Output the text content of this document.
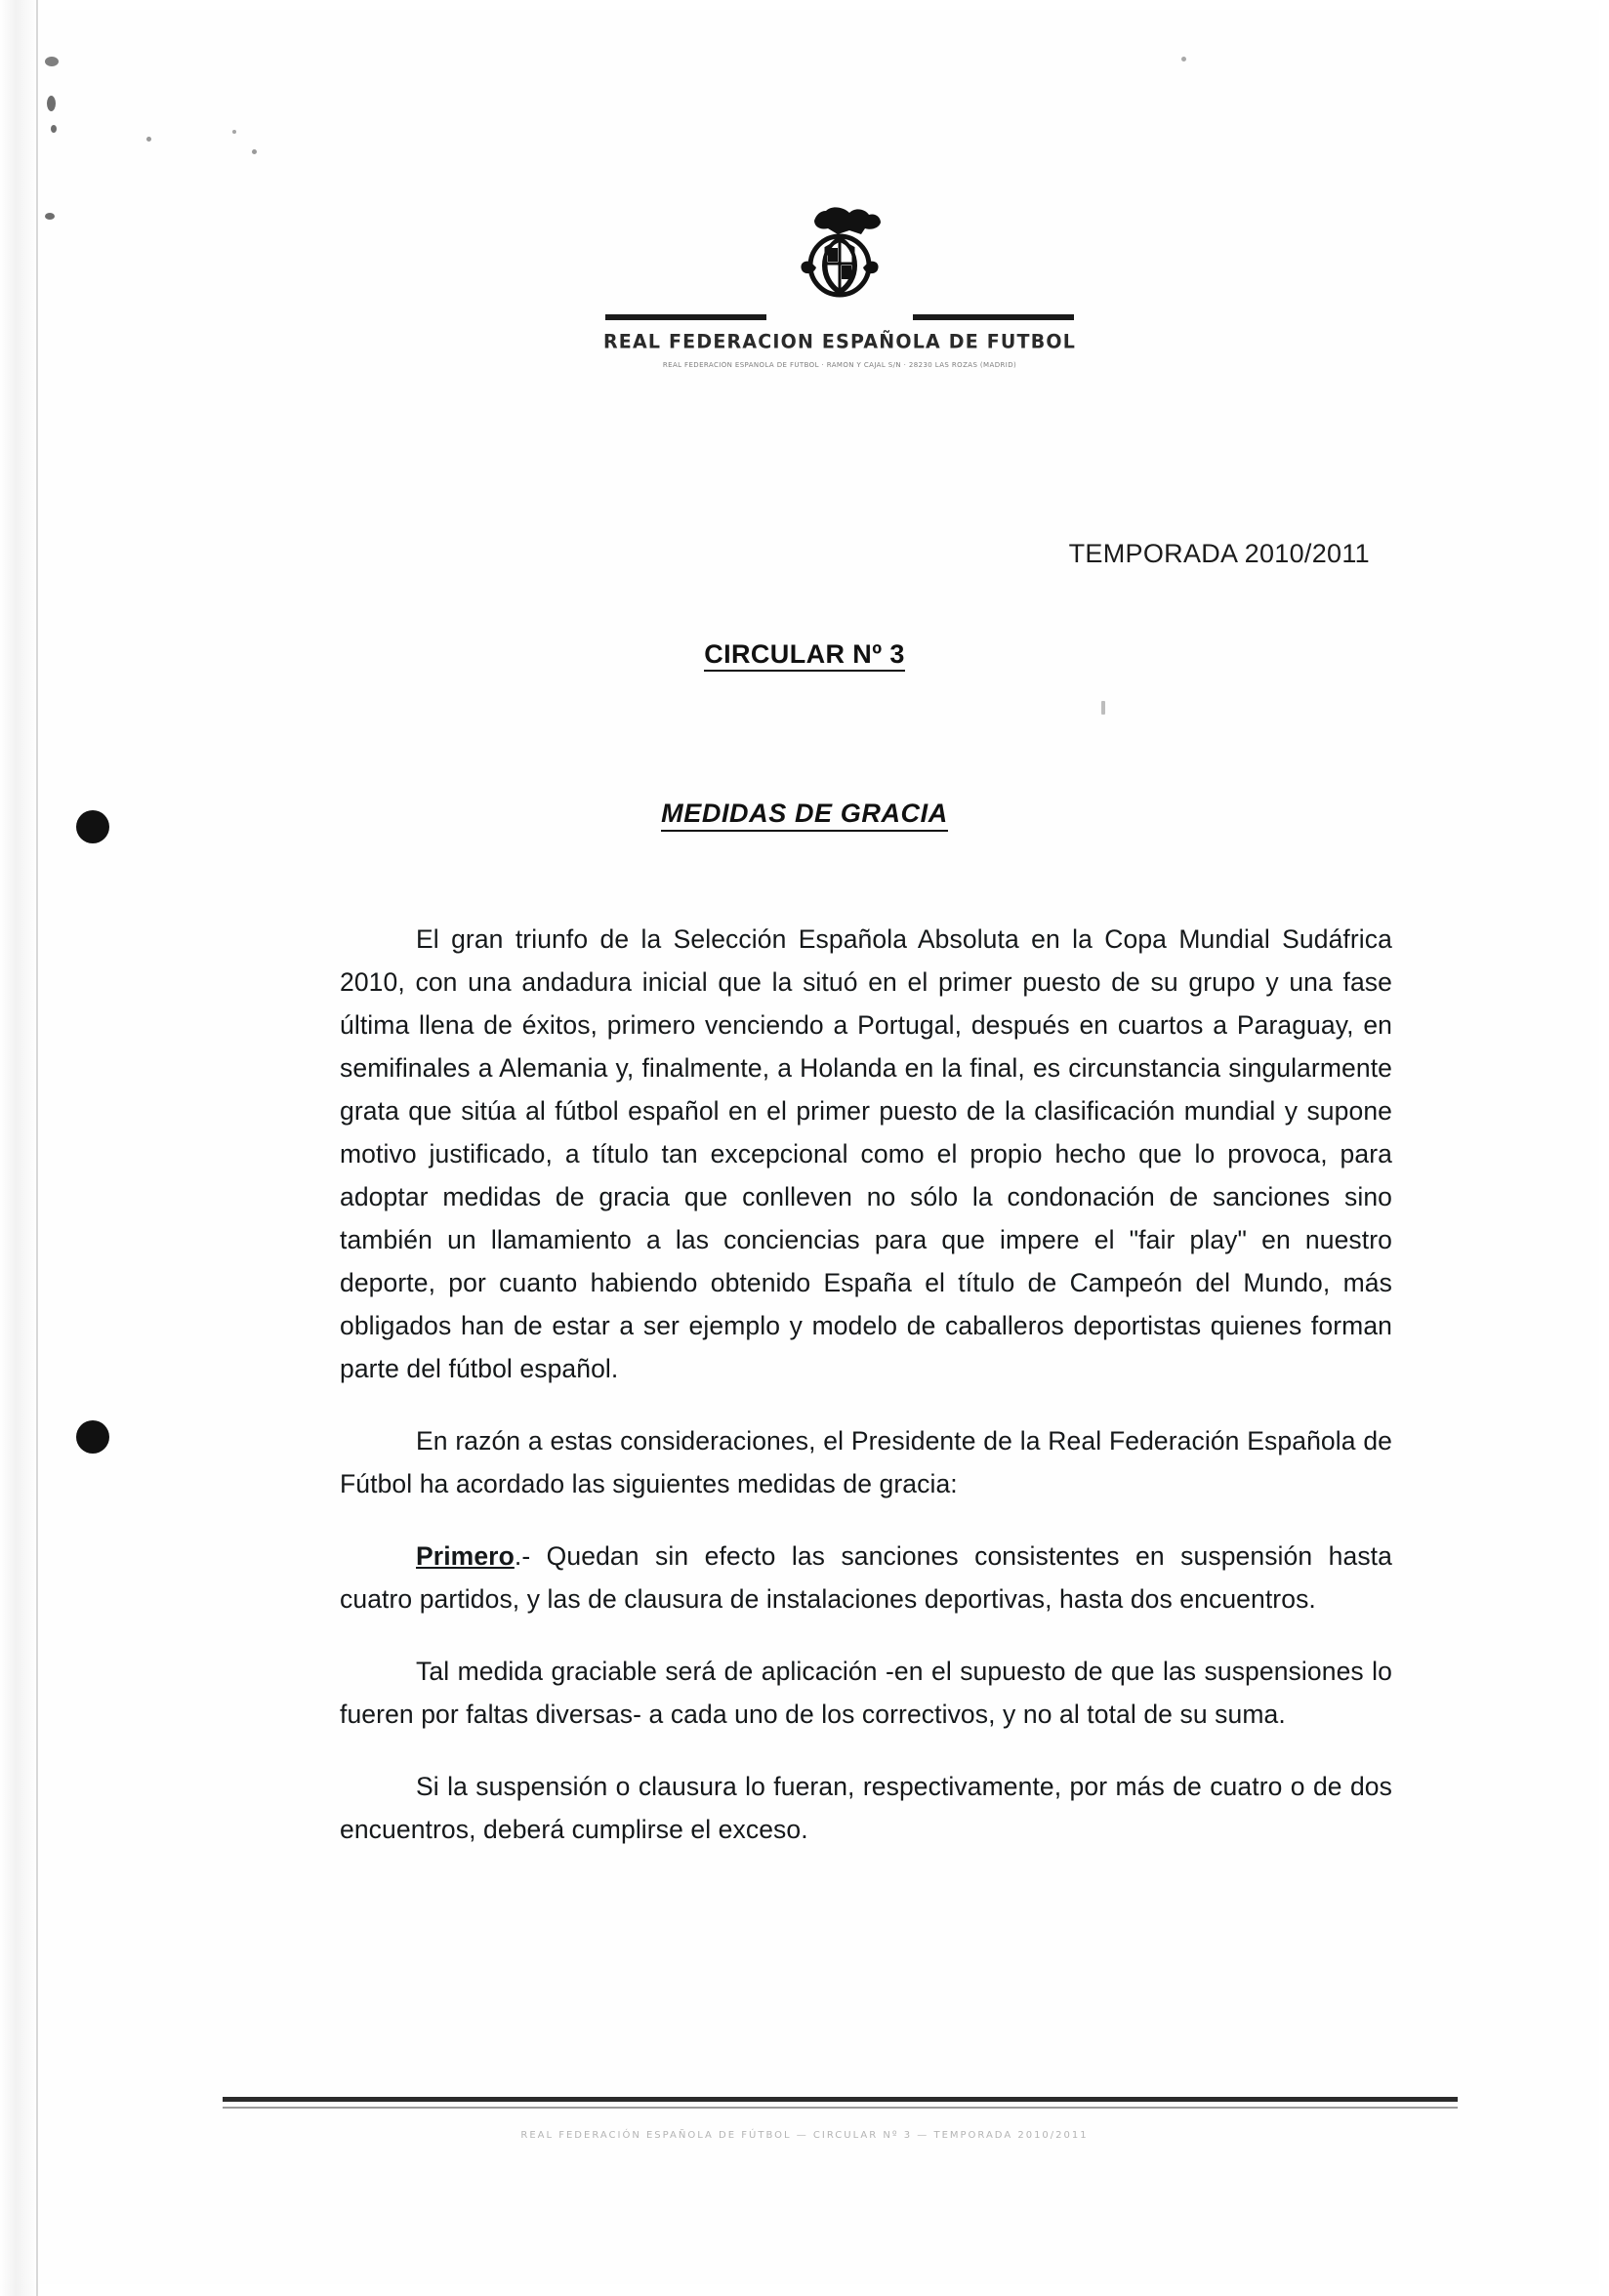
REAL FEDERACION ESPAÑOLA DE FUTBOL
REAL FEDERACIÓN ESPAÑOLA DE FÚTBOL · RAMÓN Y CAJAL S/N · 28230 LAS ROZAS (MADRID)
TEMPORADA 2010/2011
CIRCULAR Nº 3
MEDIDAS DE GRACIA

El gran triunfo de la Selección Española Absoluta en la Copa Mundial Sudáfrica 2010, con una andadura inicial que la situó en el primer puesto de su grupo y una fase última llena de éxitos, primero venciendo a Portugal, después en cuartos a Paraguay, en semifinales a Alemania y, finalmente, a Holanda en la final, es circunstancia singularmente grata que sitúa al fútbol español en el primer puesto de la clasificación mundial y supone motivo justificado, a título tan excepcional como el propio hecho que lo provoca, para adoptar medidas de gracia que conlleven no sólo la condonación de sanciones sino también un llamamiento a las conciencias para que impere el "fair play" en nuestro deporte, por cuanto habiendo obtenido España el título de Campeón del Mundo, más obligados han de estar a ser ejemplo y modelo de caballeros deportistas quienes forman parte del fútbol español.

En razón a estas consideraciones, el Presidente de la Real Federación Española de Fútbol ha acordado las siguientes medidas de gracia:

Primero.- Quedan sin efecto las sanciones consistentes en suspensión hasta cuatro partidos, y las de clausura de instalaciones deportivas, hasta dos encuentros.

Tal medida graciable será de aplicación -en el supuesto de que las suspensiones lo fueren por faltas diversas- a cada uno de los correctivos, y no al total de su suma.

Si la suspensión o clausura lo fueran, respectivamente, por más de cuatro o de dos encuentros, deberá cumplirse el exceso.

REAL FEDERACIÓN ESPAÑOLA DE FÚTBOL — CIRCULAR Nº 3 — TEMPORADA 2010/2011
